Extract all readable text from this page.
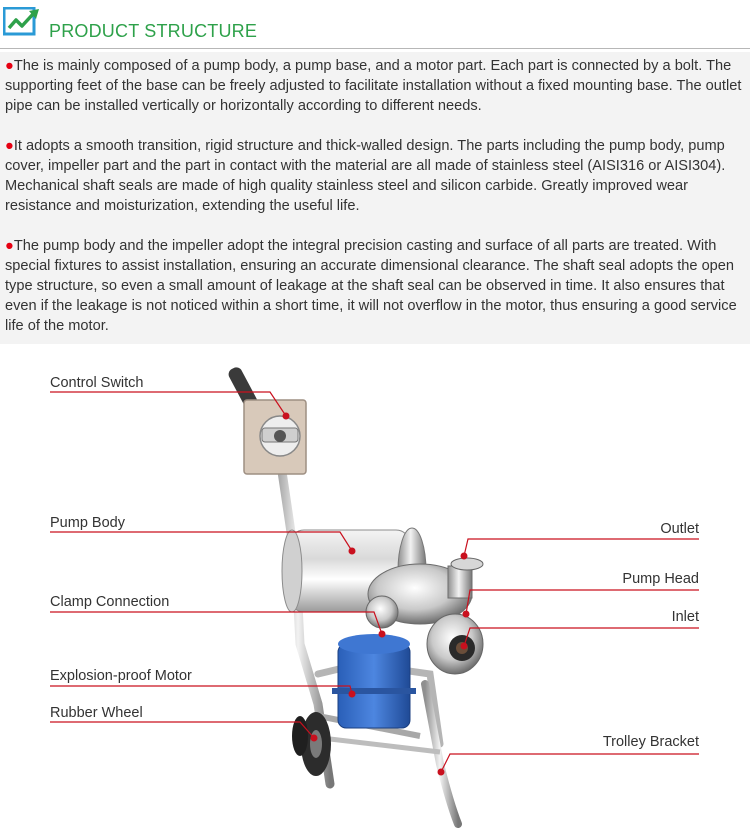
PRODUCT STRUCTURE

●The is mainly composed of a pump body, a pump base, and a motor part. Each part is connected by a bolt. The supporting feet of the base can be freely adjusted to facilitate installation without a fixed mounting base. The outlet pipe can be installed vertically or horizontally according to different needs.

●It adopts a smooth transition, rigid structure and thick-walled design. The parts including the pump body, pump cover, impeller part and the part in contact with the material are all made of stainless steel (AISI316 or AISI304). Mechanical shaft seals are made of high quality stainless steel and silicon carbide. Greatly improved wear resistance and moisturization, extending the useful life.

●The pump body and the impeller adopt the integral precision casting and surface of all parts are treated. With special fixtures to assist installation, ensuring an accurate dimensional clearance. The shaft seal adopts the open type structure, so even a small amount of leakage at the shaft seal can be observed in time. It also ensures that even if the leakage is not noticed within a short time, it will not overflow in the motor, thus ensuring a good service life of the motor.

Control Switch
Pump Body
Clamp Connection
Explosion-proof Motor
Rubber Wheel
Outlet
Pump Head
Inlet
Trolley Bracket
